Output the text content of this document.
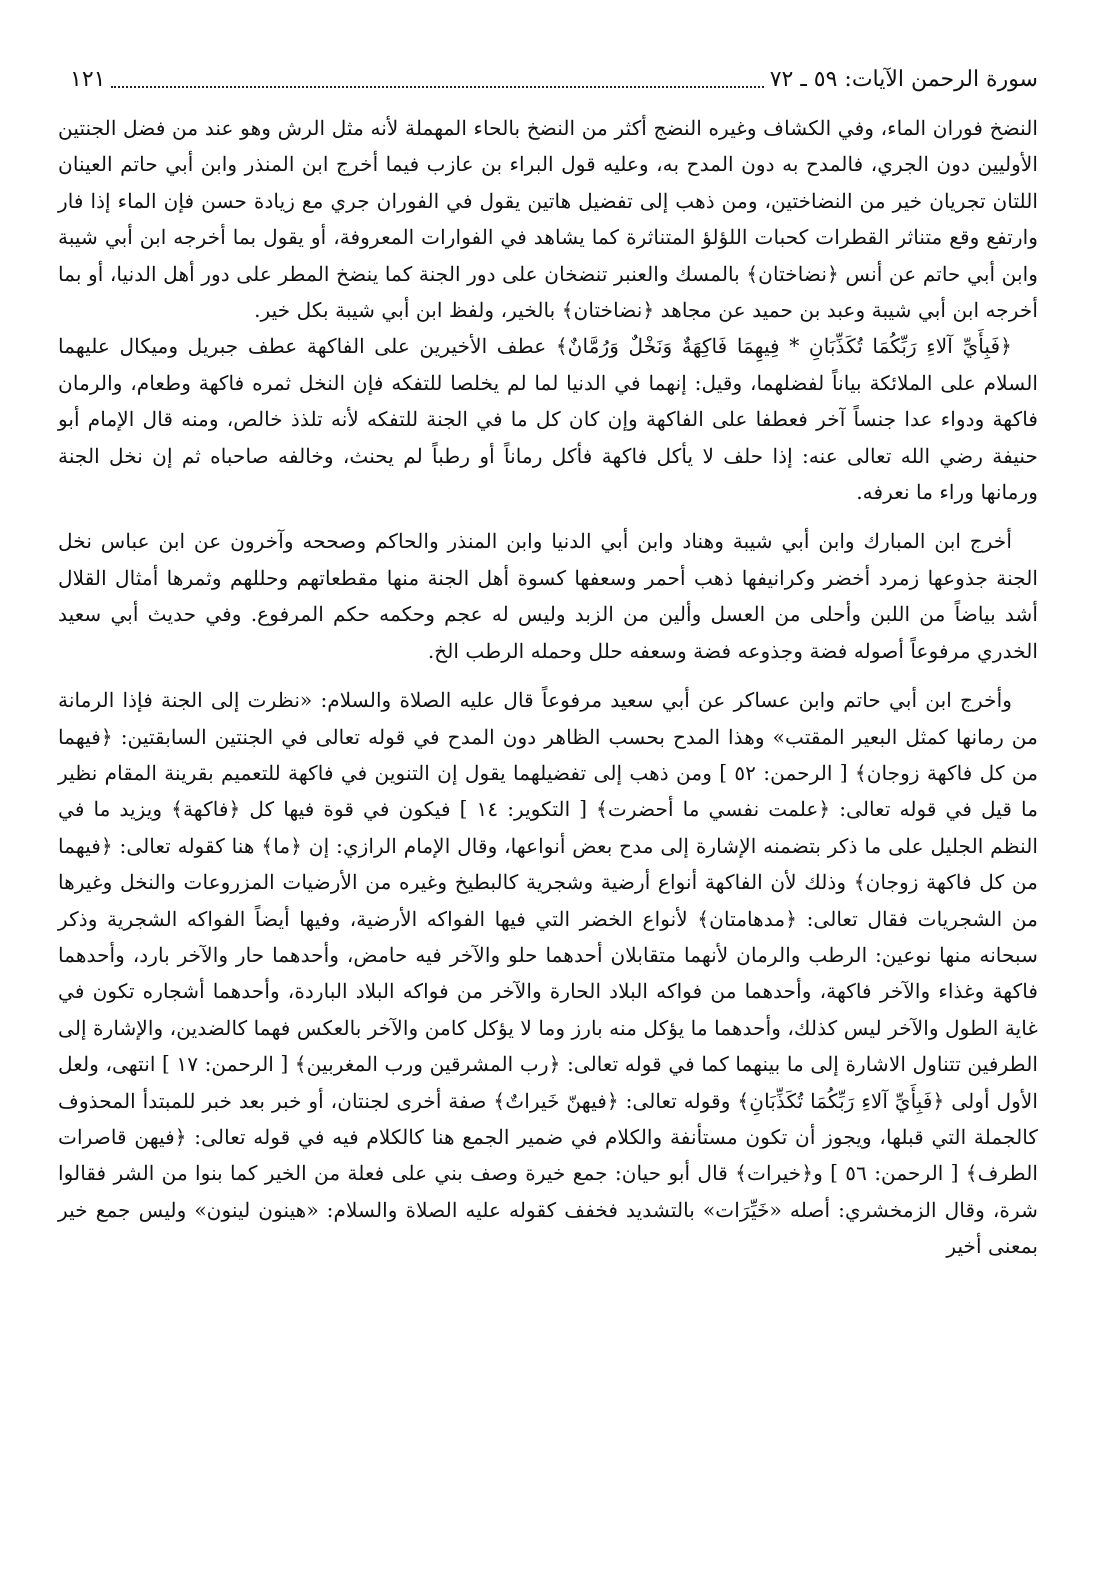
سورة الرحمن الآيات: ٥٩ ـ ٧٢
١٢١

النضخ فوران الماء، وفي الكشاف وغيره النضج أكثر من النضخ بالحاء المهملة لأنه مثل الرش وهو عند من فضل الجنتين الأوليين دون الجري، فالمدح به دون المدح به، وعليه قول البراء بن عازب فيما أخرج ابن المنذر وابن أبي حاتم العينان اللتان تجريان خير من النضاختين، ومن ذهب إلى تفضيل هاتين يقول في الفوران جري مع زيادة حسن فإن الماء إذا فار وارتفع وقع متناثر القطرات كحبات اللؤلؤ المتناثرة كما يشاهد في الفوارات المعروفة، أو يقول بما أخرجه ابن أبي شيبة وابن أبي حاتم عن أنس ﴿نضاختان﴾ بالمسك والعنبر تنضخان على دور الجنة كما ينضخ المطر على دور أهل الدنيا، أو بما أخرجه ابن أبي شيبة وعبد بن حميد عن مجاهد ﴿نضاختان﴾ بالخير، ولفظ ابن أبي شيبة بكل خير.

﴿فَبِأَيِّ آلاءِ رَبِّكُمَا تُكَذِّبَانِ * فِيهِمَا فَاكِهَةٌ وَنَخْلٌ وَرُمَّانٌ﴾ عطف الأخيرين على الفاكهة عطف جبريل وميكال عليهما السلام على الملائكة بياناً لفضلهما، وقيل: إنهما في الدنيا لما لم يخلصا للتفكه فإن النخل ثمره فاكهة وطعام، والرمان فاكهة ودواء عدا جنساً آخر فعطفا على الفاكهة وإن كان كل ما في الجنة للتفكه لأنه تلذذ خالص، ومنه قال الإمام أبو حنيفة رضي الله تعالى عنه: إذا حلف لا يأكل فاكهة فأكل رماناً أو رطباً لم يحنث، وخالفه صاحباه ثم إن نخل الجنة ورمانها وراء ما نعرفه.

أخرج ابن المبارك وابن أبي شيبة وهناد وابن أبي الدنيا وابن المنذر والحاكم وصححه وآخرون عن ابن عباس نخل الجنة جذوعها زمرد أخضر وكرانيفها ذهب أحمر وسعفها كسوة أهل الجنة منها مقطعاتهم وحللهم وثمرها أمثال القلال أشد بياضاً من اللبن وأحلى من العسل وألين من الزبد وليس له عجم وحكمه حكم المرفوع. وفي حديث أبي سعيد الخدري مرفوعاً أصوله فضة وجذوعه فضة وسعفه حلل وحمله الرطب الخ.

وأخرج ابن أبي حاتم وابن عساكر عن أبي سعيد مرفوعاً قال عليه الصلاة والسلام: «نظرت إلى الجنة فإذا الرمانة من رمانها كمثل البعير المقتب» وهذا المدح بحسب الظاهر دون المدح في قوله تعالى في الجنتين السابقتين: ﴿فيهما من كل فاكهة زوجان﴾ [ الرحمن: ٥٢ ] ومن ذهب إلى تفضيلهما يقول إن التنوين في فاكهة للتعميم بقرينة المقام نظير ما قيل في قوله تعالى: ﴿علمت نفسي ما أحضرت﴾ [ التكوير: ١٤ ] فيكون في قوة فيها كل ﴿فاكهة﴾ ويزيد ما في النظم الجليل على ما ذكر بتضمنه الإشارة إلى مدح بعض أنواعها، وقال الإمام الرازي: إن ﴿ما﴾ هنا كقوله تعالى: ﴿فيهما من كل فاكهة زوجان﴾ وذلك لأن الفاكهة أنواع أرضية وشجرية كالبطيخ وغيره من الأرضيات المزروعات والنخل وغيرها من الشجريات فقال تعالى: ﴿مدهامتان﴾ لأنواع الخضر التي فيها الفواكه الأرضية، وفيها أيضاً الفواكه الشجرية وذكر سبحانه منها نوعين: الرطب والرمان لأنهما متقابلان أحدهما حلو والآخر فيه حامض، وأحدهما حار والآخر بارد، وأحدهما فاكهة وغذاء والآخر فاكهة، وأحدهما من فواكه البلاد الحارة والآخر من فواكه البلاد الباردة، وأحدهما أشجاره تكون في غاية الطول والآخر ليس كذلك، وأحدهما ما يؤكل منه بارز وما لا يؤكل كامن والآخر بالعكس فهما كالضدين، والإشارة إلى الطرفين تتناول الاشارة إلى ما بينهما كما في قوله تعالى: ﴿رب المشرقين ورب المغربين﴾ [ الرحمن: ١٧ ] انتهى، ولعل الأول أولى ﴿فَبِأَيِّ آلاءِ رَبِّكُمَا تُكَذِّبَانِ﴾ وقوله تعالى: ﴿فيهنّ خَيراتٌ﴾ صفة أخرى لجنتان، أو خبر بعد خبر للمبتدأ المحذوف كالجملة التي قبلها، ويجوز أن تكون مستأنفة والكلام في ضمير الجمع هنا كالكلام فيه في قوله تعالى: ﴿فيهن قاصرات الطرف﴾ [ الرحمن: ٥٦ ] و﴿خيرات﴾ قال أبو حيان: جمع خيرة وصف بني على فعلة من الخير كما بنوا من الشر فقالوا شرة، وقال الزمخشري: أصله «خَيِّرَات» بالتشديد فخفف كقوله عليه الصلاة والسلام: «هينون لينون» وليس جمع خير بمعنى أخير
